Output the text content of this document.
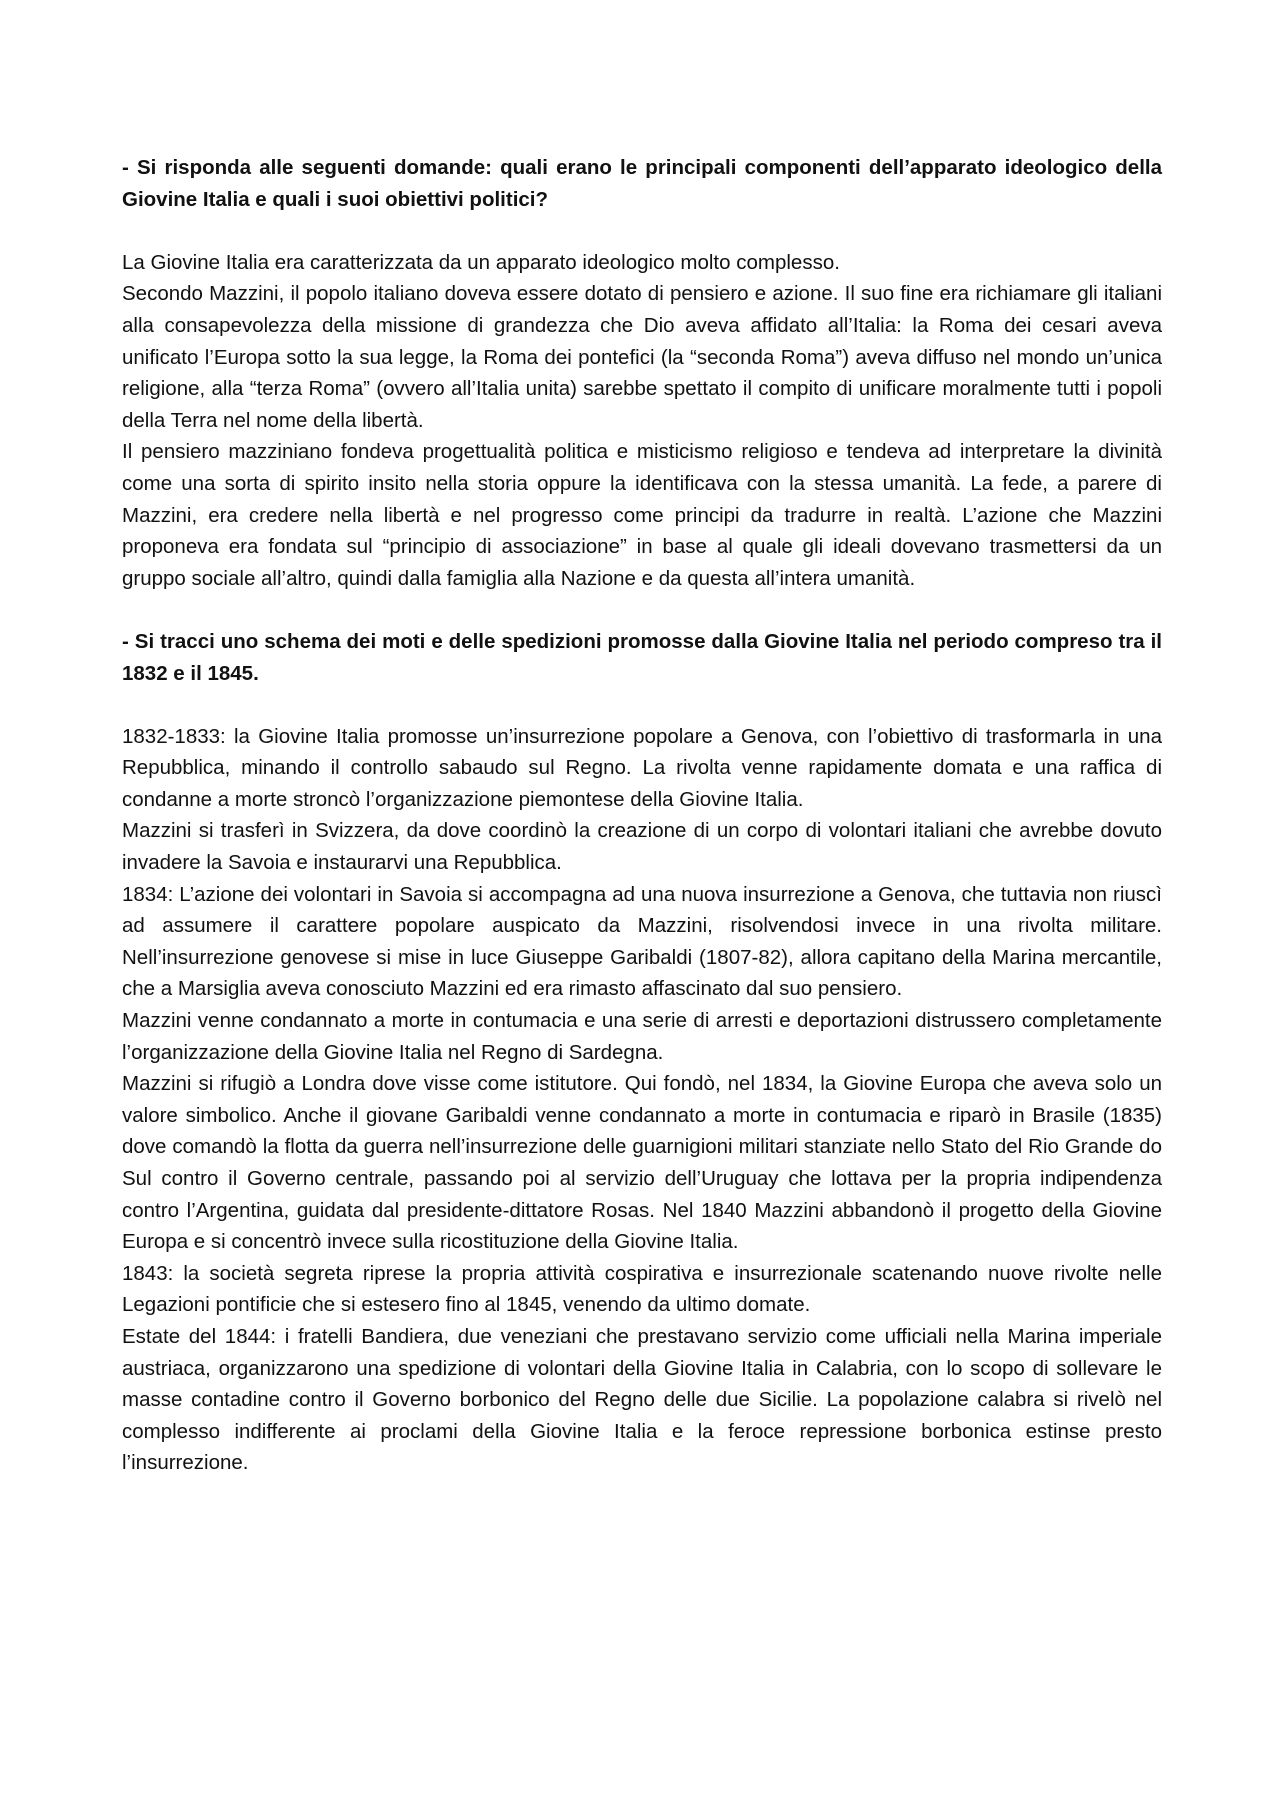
- Si risponda alle seguenti domande: quali erano le principali componenti dell’apparato ideologico della Giovine Italia e quali i suoi obiettivi politici?

La Giovine Italia era caratterizzata da un apparato ideologico molto complesso.

Secondo Mazzini, il popolo italiano doveva essere dotato di pensiero e azione. Il suo fine era richiamare gli italiani alla consapevolezza della missione di grandezza che Dio aveva affidato all’Italia: la Roma dei cesari aveva unificato l’Europa sotto la sua legge, la Roma dei pontefici (la “seconda Roma”) aveva diffuso nel mondo un’unica religione, alla “terza Roma” (ovvero all’Italia unita) sarebbe spettato il compito di unificare moralmente tutti i popoli della Terra nel nome della libertà.

Il pensiero mazziniano fondeva progettualità politica e misticismo religioso e tendeva ad interpretare la divinità come una sorta di spirito insito nella storia oppure la identificava con la stessa umanità. La fede, a parere di Mazzini, era credere nella libertà e nel progresso come principi da tradurre in realtà. L’azione che Mazzini proponeva era fondata sul “principio di associazione” in base al quale gli ideali dovevano trasmettersi da un gruppo sociale all’altro, quindi dalla famiglia alla Nazione e da questa all’intera umanità.

- Si tracci uno schema dei moti e delle spedizioni promosse dalla Giovine Italia nel periodo compreso tra il 1832 e il 1845.

1832-1833: la Giovine Italia promosse un’insurrezione popolare a Genova, con l’obiettivo di trasformarla in una Repubblica, minando il controllo sabaudo sul Regno. La rivolta venne rapidamente domata e una raffica di condanne a morte stroncò l’organizzazione piemontese della Giovine Italia.

Mazzini si trasferì in Svizzera, da dove coordinò la creazione di un corpo di volontari italiani che avrebbe dovuto invadere la Savoia e instaurarvi una Repubblica.

1834: L’azione dei volontari in Savoia si accompagna ad una nuova insurrezione a Genova, che tuttavia non riuscì ad assumere il carattere popolare auspicato da Mazzini, risolvendosi invece in una rivolta militare. Nell’insurrezione genovese si mise in luce Giuseppe Garibaldi (1807-82), allora capitano della Marina mercantile, che a Marsiglia aveva conosciuto Mazzini ed era rimasto affascinato dal suo pensiero.

Mazzini venne condannato a morte in contumacia e una serie di arresti e deportazioni distrussero completamente l’organizzazione della Giovine Italia nel Regno di Sardegna.

Mazzini si rifugiò a Londra dove visse come istitutore. Qui fondò, nel 1834, la Giovine Europa che aveva solo un valore simbolico. Anche il giovane Garibaldi venne condannato a morte in contumacia e riparò in Brasile (1835) dove comandò la flotta da guerra nell’insurrezione delle guarnigioni militari stanziate nello Stato del Rio Grande do Sul contro il Governo centrale, passando poi al servizio dell’Uruguay che lottava per la propria indipendenza contro l’Argentina, guidata dal presidente-dittatore Rosas. Nel 1840 Mazzini abbandonò il progetto della Giovine Europa e si concentrò invece sulla ricostituzione della Giovine Italia.

1843: la società segreta riprese la propria attività cospirativa e insurrezionale scatenando nuove rivolte nelle Legazioni pontificie che si estesero fino al 1845, venendo da ultimo domate.

Estate del 1844: i fratelli Bandiera, due veneziani che prestavano servizio come ufficiali nella Marina imperiale austriaca, organizzarono una spedizione di volontari della Giovine Italia in Calabria, con lo scopo di sollevare le masse contadine contro il Governo borbonico del Regno delle due Sicilie. La popolazione calabra si rivelò nel complesso indifferente ai proclami della Giovine Italia e la feroce repressione borbonica estinse presto l’insurrezione.
